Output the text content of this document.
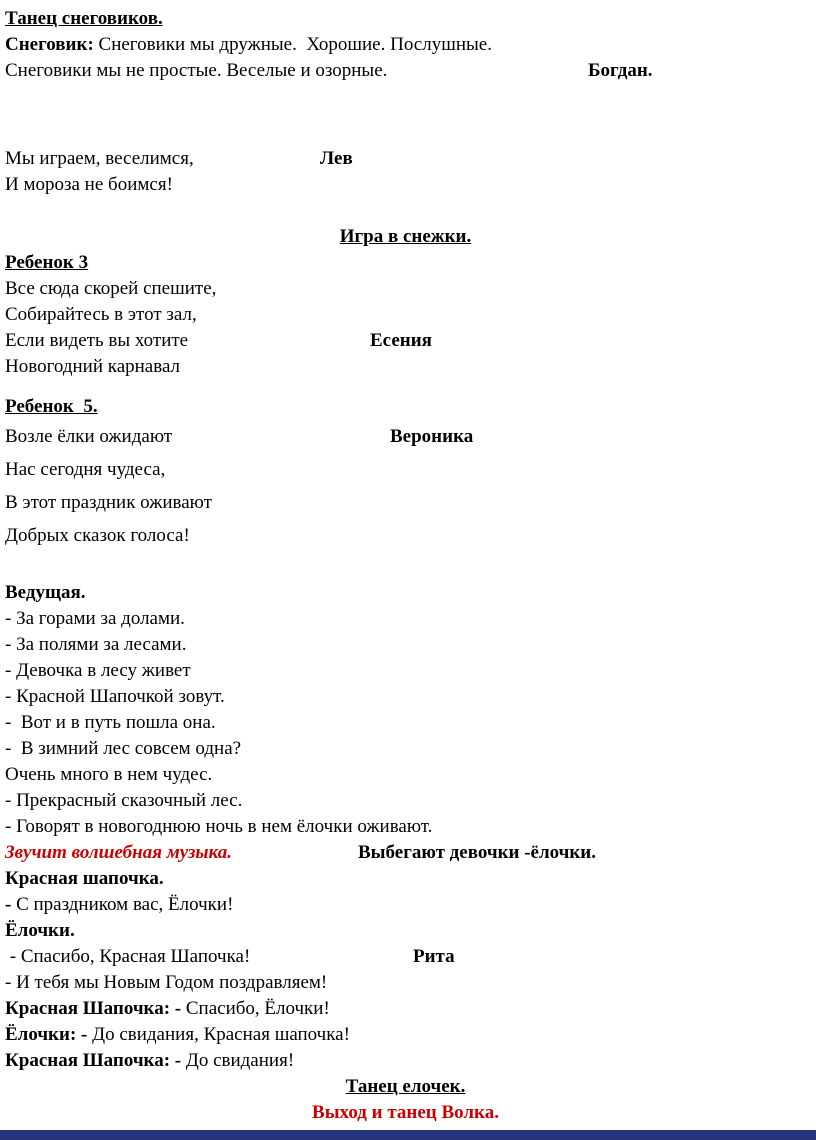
Танец снеговиков.
Снеговик: Снеговики мы дружные.  Хорошие. Послушные.
Снеговики мы не простые. Веселые и озорные.	Богдан.
Мы играем, веселимся,	Лев
И мороза не боимся!
Игра в снежки.
Ребенок 3
Все сюда скорей спешите,
Собирайтесь в этот зал,
Если видеть вы хотите	Есения
Новогодний карнавал
Ребенок  5.
Возле ёлки ожидают	Вероника
Нас сегодня чудеса,
В этот праздник оживают
Добрых сказок голоса!
Ведущая.
- За горами за долами.
- За полями за лесами.
- Девочка в лесу живет
- Красной Шапочкой зовут.
-  Вот и в путь пошла она.
-  В зимний лес совсем одна?
Очень много в нем чудес.
- Прекрасный сказочный лес.
- Говорят в новогоднюю ночь в нем ёлочки оживают.
Звучит волшебная музыка.	Выбегают девочки -ёлочки.
Красная шапочка.
- С праздником вас, Ёлочки!
Ёлочки.
- Спасибо, Красная Шапочка!	Рита
- И тебя мы Новым Годом поздравляем!
Красная Шапочка: - Спасибо, Ёлочки!
Ёлочки: - До свидания, Красная шапочка!
Красная Шапочка: - До свидания!
Танец елочек.
Выход и танец Волка.
